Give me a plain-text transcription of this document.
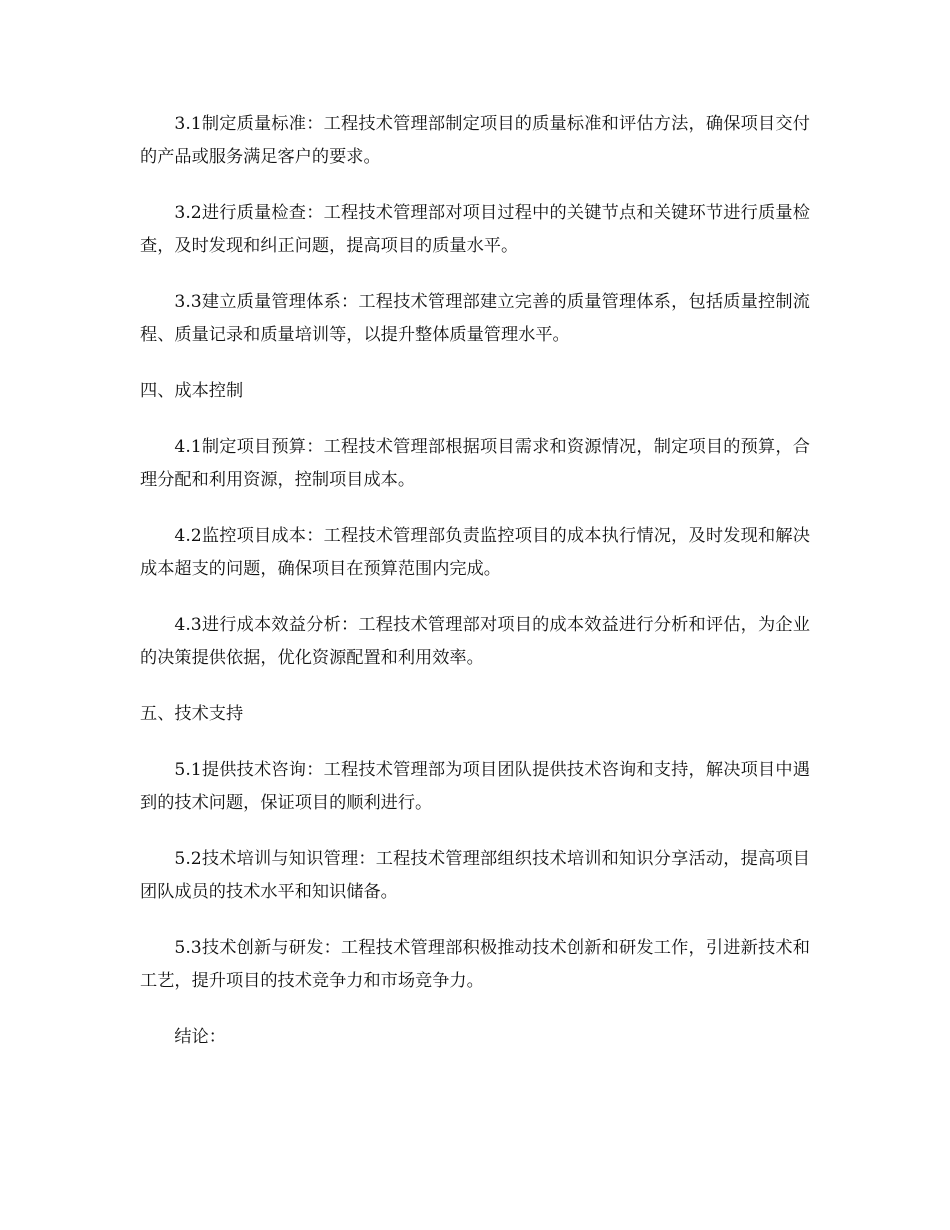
3.1制定质量标准：工程技术管理部制定项目的质量标准和评估方法，确保项目交付的产品或服务满足客户的要求。

3.2进行质量检查：工程技术管理部对项目过程中的关键节点和关键环节进行质量检查，及时发现和纠正问题，提高项目的质量水平。

3.3建立质量管理体系：工程技术管理部建立完善的质量管理体系，包括质量控制流程、质量记录和质量培训等，以提升整体质量管理水平。

四、成本控制

4.1制定项目预算：工程技术管理部根据项目需求和资源情况，制定项目的预算，合理分配和利用资源，控制项目成本。

4.2监控项目成本：工程技术管理部负责监控项目的成本执行情况，及时发现和解决成本超支的问题，确保项目在预算范围内完成。

4.3进行成本效益分析：工程技术管理部对项目的成本效益进行分析和评估，为企业的决策提供依据，优化资源配置和利用效率。

五、技术支持

5.1提供技术咨询：工程技术管理部为项目团队提供技术咨询和支持，解决项目中遇到的技术问题，保证项目的顺利进行。

5.2技术培训与知识管理：工程技术管理部组织技术培训和知识分享活动，提高项目团队成员的技术水平和知识储备。

5.3技术创新与研发：工程技术管理部积极推动技术创新和研发工作，引进新技术和工艺，提升项目的技术竞争力和市场竞争力。

结论：
